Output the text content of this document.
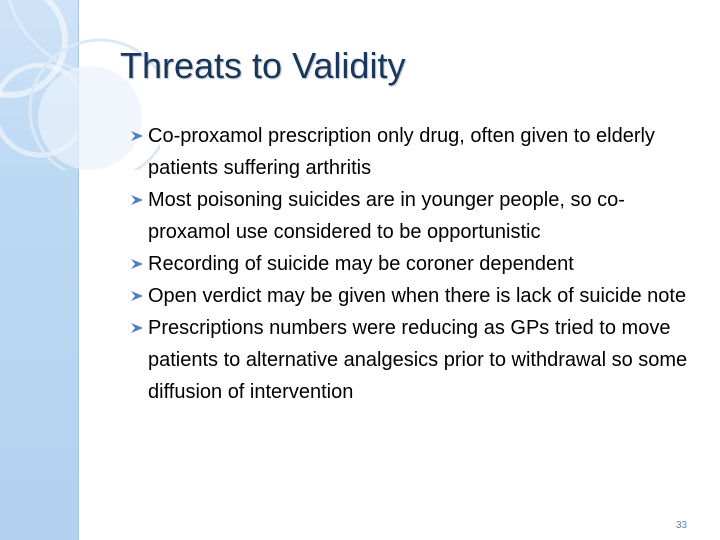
Threats to Validity
Co-proxamol prescription only drug, often given to elderly patients suffering arthritis
Most poisoning suicides are in younger people, so co-proxamol use considered to be opportunistic
Recording of suicide may be coroner dependent
Open verdict may be given when there is lack of suicide note
Prescriptions numbers were reducing as GPs tried to move patients to alternative analgesics prior to withdrawal so some diffusion of intervention
33
